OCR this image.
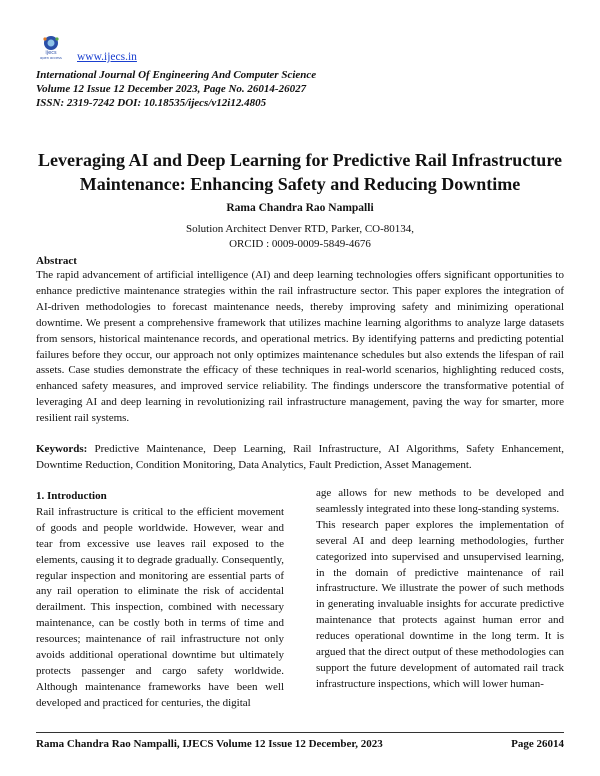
ijecs
open access www.ijecs.in
International Journal Of Engineering And Computer Science
Volume 12 Issue 12 December 2023, Page No. 26014-26027
ISSN: 2319-7242 DOI: 10.18535/ijecs/v12i12.4805
Leveraging AI and Deep Learning for Predictive Rail Infrastructure Maintenance: Enhancing Safety and Reducing Downtime
Rama Chandra Rao Nampalli
Solution Architect Denver RTD, Parker, CO-80134,
ORCID : 0009-0009-5849-4676
Abstract

The rapid advancement of artificial intelligence (AI) and deep learning technologies offers significant opportunities to enhance predictive maintenance strategies within the rail infrastructure sector. This paper explores the integration of AI-driven methodologies to forecast maintenance needs, thereby improving safety and minimizing operational downtime. We present a comprehensive framework that utilizes machine learning algorithms to analyze large datasets from sensors, historical maintenance records, and operational metrics. By identifying patterns and predicting potential failures before they occur, our approach not only optimizes maintenance schedules but also extends the lifespan of rail assets. Case studies demonstrate the efficacy of these techniques in real-world scenarios, highlighting reduced costs, enhanced safety measures, and improved service reliability. The findings underscore the transformative potential of leveraging AI and deep learning in revolutionizing rail infrastructure management, paving the way for smarter, more resilient rail systems.

Keywords: Predictive Maintenance, Deep Learning, Rail Infrastructure, AI Algorithms, Safety Enhancement, Downtime Reduction, Condition Monitoring, Data Analytics, Fault Prediction, Asset Management.

1. Introduction

Rail infrastructure is critical to the efficient movement of goods and people worldwide. However, wear and tear from excessive use leaves rail exposed to the elements, causing it to degrade gradually. Consequently, regular inspection and monitoring are essential parts of any rail operation to eliminate the risk of accidental derailment. This inspection, combined with necessary maintenance, can be costly both in terms of time and resources; maintenance of rail infrastructure not only avoids additional operational downtime but ultimately protects passenger and cargo safety worldwide. Although maintenance frameworks have been well developed and practiced for centuries, the digital

age allows for new methods to be developed and seamlessly integrated into these long-standing systems.

This research paper explores the implementation of several AI and deep learning methodologies, further categorized into supervised and unsupervised learning, in the domain of predictive maintenance of rail infrastructure. We illustrate the power of such methods in generating invaluable insights for accurate predictive maintenance that protects against human error and reduces operational downtime in the long term. It is argued that the direct output of these methodologies can support the future development of automated rail track infrastructure inspections, which will lower human-

Rama Chandra Rao Nampalli, IJECS Volume 12 Issue 12 December, 2023	Page 26014
